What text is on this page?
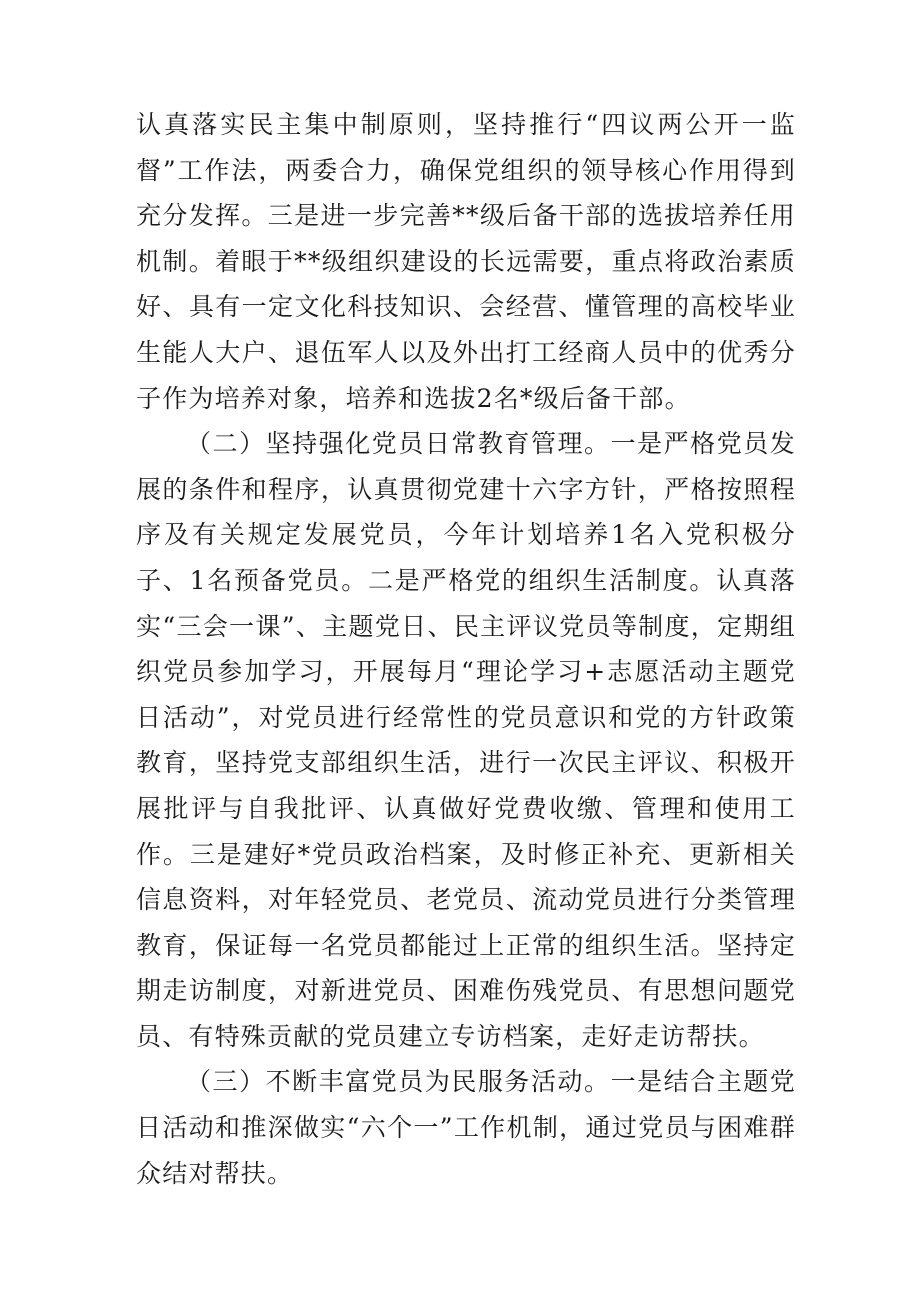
认真落实民主集中制原则，坚持推行“四议两公开一监督”工作法，两委合力，确保党组织的领导核心作用得到充分发挥。三是进一步完善**级后备干部的选拔培养任用机制。着眼于**级组织建设的长远需要，重点将政治素质好、具有一定文化科技知识、会经营、懂管理的高校毕业生能人大户、退伍军人以及外出打工经商人员中的优秀分子作为培养对象，培养和选拔2名*级后备干部。

（二）坚持强化党员日常教育管理。一是严格党员发展的条件和程序，认真贯彻党建十六字方针，严格按照程序及有关规定发展党员，今年计划培养1名入党积极分子、1名预备党员。二是严格党的组织生活制度。认真落实“三会一课”、主题党日、民主评议党员等制度，定期组织党员参加学习，开展每月“理论学习+志愿活动主题党日活动”，对党员进行经常性的党员意识和党的方针政策教育，坚持党支部组织生活，进行一次民主评议、积极开展批评与自我批评、认真做好党费收缴、管理和使用工作。三是建好*党员政治档案，及时修正补充、更新相关信息资料，对年轻党员、老党员、流动党员进行分类管理教育，保证每一名党员都能过上正常的组织生活。坚持定期走访制度，对新进党员、困难伤残党员、有思想问题党员、有特殊贡献的党员建立专访档案，走好走访帮扶。

（三）不断丰富党员为民服务活动。一是结合主题党日活动和推深做实“六个一”工作机制，通过党员与困难群众结对帮扶。
